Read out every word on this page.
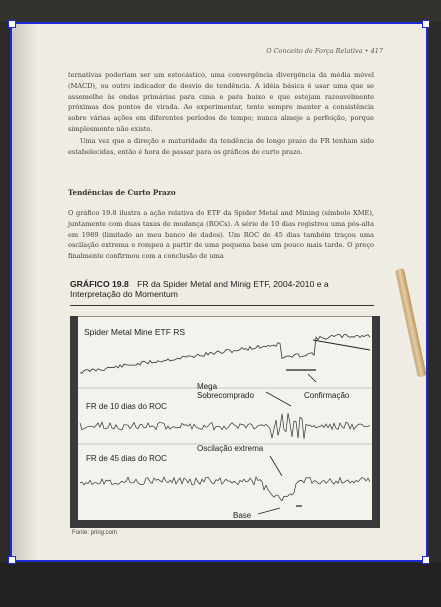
O Conceito de Força Relativa • 417
ternativas poderiam ser um estocástico, uma convergência divergência da média móvel (MACD), ou outro indicador de desvio de tendência. A idéia básica é usar uma que se assemelhe às ondas primárias para cima e para baixo e que estejam razoavelmente próximas dos pontos de virada. Ao experimentar, tente sempre manter a consistência sobre várias ações em diferentes períodos de tempo; nunca almeje a perfeição, porque simplesmente não existe.
Uma vez que a direção e maturidade da tendência de longo prazo do FR tenham sido estabelecidas, então é hora de passar para os gráficos de curto prazo.
Tendências de Curto Prazo
O gráfico 19.8 ilustra a ação relativa do ETF da Spider Metal and Mining (símbolo XME), juntamente com duas taxas de mudança (ROCs). A série de 10 dias registrou uma pós-alta em 1989 (limitado ao meu banco de dados). Um ROC de 45 dias também traçou uma oscilação extrema e rompeu a partir de uma pequena base um pouco mais tarde. O preço finalmente confirmou com a conclusão de uma
GRÁFICO 19.8 FR da Spider Metal and Minig ETF, 2004-2010 e a Interpretação do Momentum
Spider Metal Mine ETF RS
FR de 10 dias do ROC
FR de 45 dias do ROC
Mega Sobrecomprado	Confirmação
Oscilação extrema
Base
Fonte: pring.com
